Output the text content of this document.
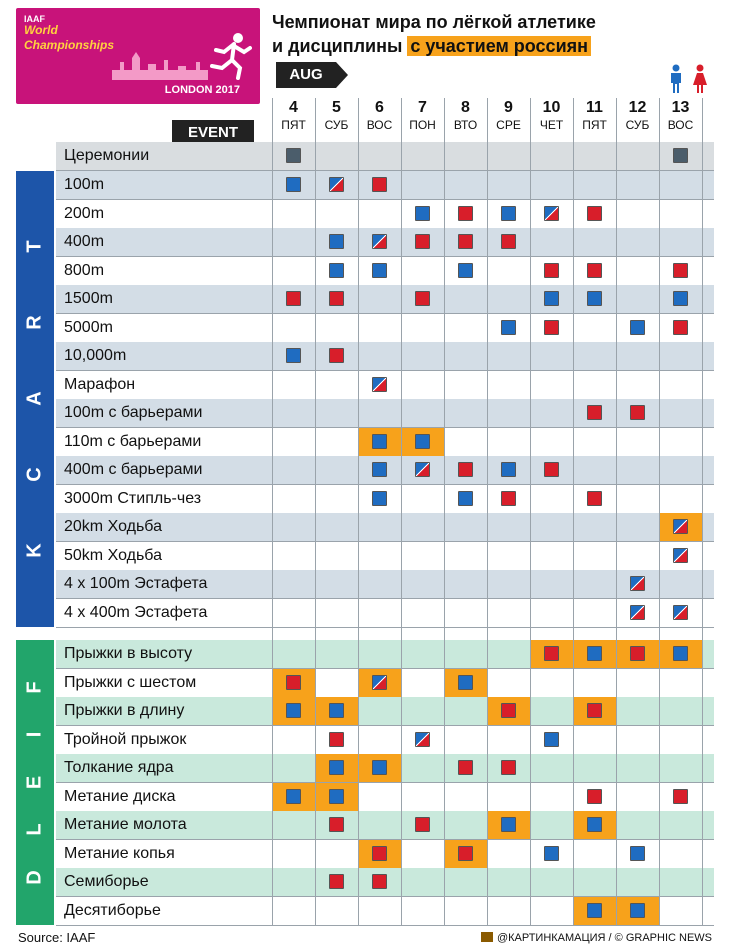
IAAF
World
Championships
LONDON 2017
Чемпионат мира по лёгкой атлетике
и дисциплины с участием россиян
AUG
4
ПЯТ
5
СУБ
6
ВОС
7
ПОН
8
ВТО
9
СРЕ
10
ЧЕТ
11
ПЯТ
12
СУБ
13
ВОС
EVENT
Церемонии
100m
200m
400m
800m
1500m
5000m
10,000m
Марафон
100m с барьерами
110m с барьерами
400m с барьерами
3000m Стипль-чез
20km Ходьба
50km Ходьба
4 x 100m Эстафета
4 x 400m Эстафета
Прыжки в высоту
Прыжки с шестом
Прыжки в длину
Тройной прыжок
Толкание ядра
Метание диска
Метание молота
Метание копья
Семиборье
Десятиборье
T
R
A
C
K
F
I
E
L
D
Source: IAAF	@КАРТИНКАМАЦИЯ / © GRAPHIC NEWS
